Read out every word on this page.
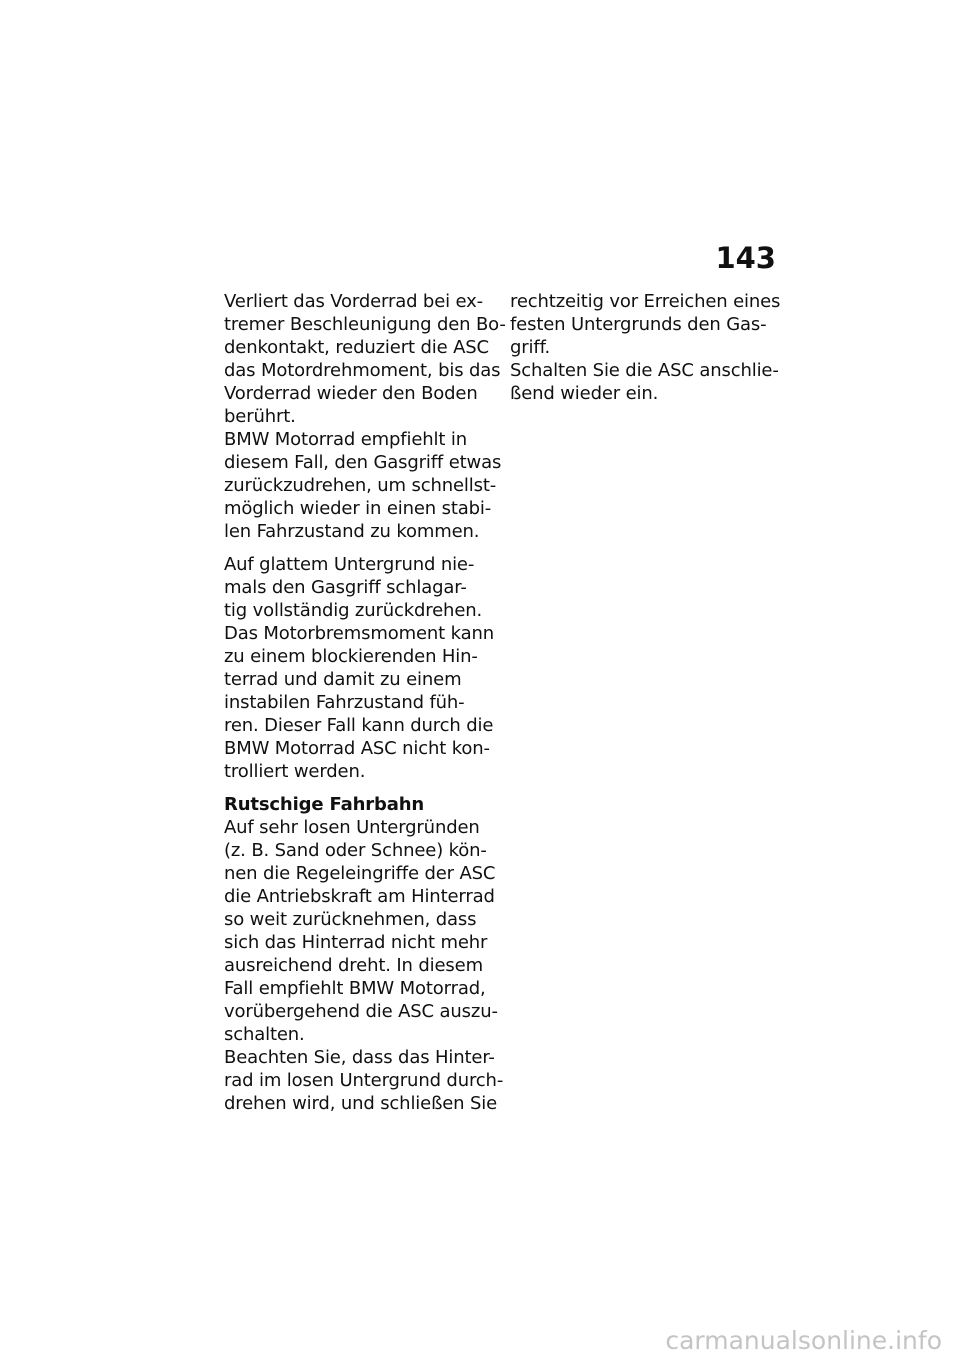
143
Verliert das Vorderrad bei ex-
tremer Beschleunigung den Bo-
denkontakt, reduziert die ASC
das Motordrehmoment, bis das
Vorderrad wieder den Boden
berührt.
BMW Motorrad empfiehlt in
diesem Fall, den Gasgriff etwas
zurückzudrehen, um schnellst-
möglich wieder in einen stabi-
len Fahrzustand zu kommen.
Auf glattem Untergrund nie-
mals den Gasgriff schlagar-
tig vollständig zurückdrehen.
Das Motorbremsmoment kann
zu einem blockierenden Hin-
terrad und damit zu einem
instabilen Fahrzustand füh-
ren. Dieser Fall kann durch die
BMW Motorrad ASC nicht kon-
trolliert werden.
Rutschige Fahrbahn
Auf sehr losen Untergründen
(z. B. Sand oder Schnee) kön-
nen die Regeleingriffe der ASC
die Antriebskraft am Hinterrad
so weit zurücknehmen, dass
sich das Hinterrad nicht mehr
ausreichend dreht. In diesem
Fall empfiehlt BMW Motorrad,
vorübergehend die ASC auszu-
schalten.
Beachten Sie, dass das Hinter-
rad im losen Untergrund durch-
drehen wird, und schließen Sie
rechtzeitig vor Erreichen eines
festen Untergrunds den Gas-
griff.
Schalten Sie die ASC anschlie-
ßend wieder ein.
carmanualsonline.info
